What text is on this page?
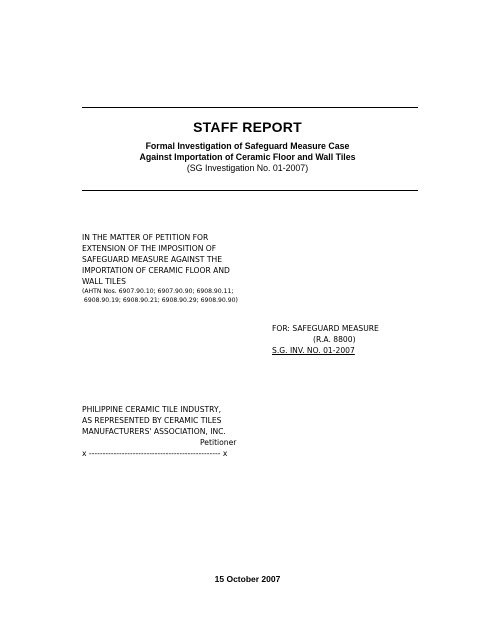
STAFF REPORT
Formal Investigation of Safeguard Measure Case
Against Importation of Ceramic Floor and Wall Tiles
(SG Investigation No. 01-2007)
IN THE MATTER OF PETITION FOR
EXTENSION OF THE IMPOSITION OF
SAFEGUARD MEASURE AGAINST THE
IMPORTATION OF CERAMIC FLOOR AND
WALL TILES
(AHTN Nos. 6907.90.10; 6907.90.90; 6908.90.11;
6908.90.19; 6908.90.21; 6908.90.29; 6908.90.90)
FOR: SAFEGUARD MEASURE
(R.A. 8800)
S.G. INV. NO. 01-2007
PHILIPPINE CERAMIC TILE INDUSTRY,
AS REPRESENTED BY CERAMIC TILES
MANUFACTURERS' ASSOCIATION, INC.
Petitioner
x ------------------------------------------------ x
15 October 2007
